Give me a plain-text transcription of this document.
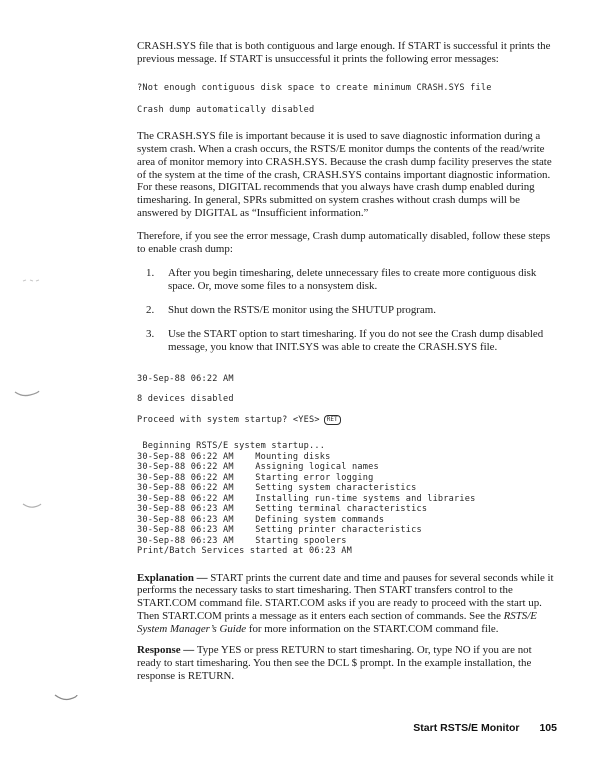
CRASH.SYS file that is both contiguous and large enough. If START is successful it prints the previous message. If START is unsuccessful it prints the following error messages:

?Not enough contiguous disk space to create minimum CRASH.SYS file
Crash dump automatically disabled

The CRASH.SYS file is important because it is used to save diagnostic information during a system crash. When a crash occurs, the RSTS/E monitor dumps the contents of the read/write area of monitor memory into CRASH.SYS. Because the crash dump facility preserves the state of the system at the time of the crash, CRASH.SYS contains important diagnostic information. For these reasons, DIGITAL recommends that you always have crash dump enabled during timesharing. In general, SPRs submitted on system crashes without crash dumps will be answered by DIGITAL as “Insufficient information.”

Therefore, if you see the error message, Crash dump automatically disabled, follow these steps to enable crash dump:

1.	After you begin timesharing, delete unnecessary files to create more contiguous disk space. Or, move some files to a nonsystem disk.
2.	Shut down the RSTS/E monitor using the SHUTUP program.
3.	Use the START option to start timesharing. If you do not see the Crash dump disabled message, you know that INIT.SYS was able to create the CRASH.SYS file.
30-Sep-88 06:22 AM
8 devices disabled
Proceed with system startup? <YES> RET
Beginning RSTS/E system startup...
30-Sep-88 06:22 AM    Mounting disks
30-Sep-88 06:22 AM    Assigning logical names
30-Sep-88 06:22 AM    Starting error logging
30-Sep-88 06:22 AM    Setting system characteristics
30-Sep-88 06:22 AM    Installing run-time systems and libraries
30-Sep-88 06:23 AM    Setting terminal characteristics
30-Sep-88 06:23 AM    Defining system commands
30-Sep-88 06:23 AM    Setting printer characteristics
30-Sep-88 06:23 AM    Starting spoolers
Print/Batch Services started at 06:23 AM

Explanation — START prints the current date and time and pauses for several seconds while it performs the necessary tasks to start timesharing. Then START transfers control to the START.COM command file. START.COM asks if you are ready to proceed with the start up. Then START.COM prints a message as it enters each section of commands. See the RSTS/E System Manager’s Guide for more information on the START.COM command file.

Response — Type YES or press RETURN to start timesharing. Or, type NO if you are not ready to start timesharing. You then see the DCL $ prompt. In the example installation, the response is RETURN.

Start RSTS/E Monitor 105
